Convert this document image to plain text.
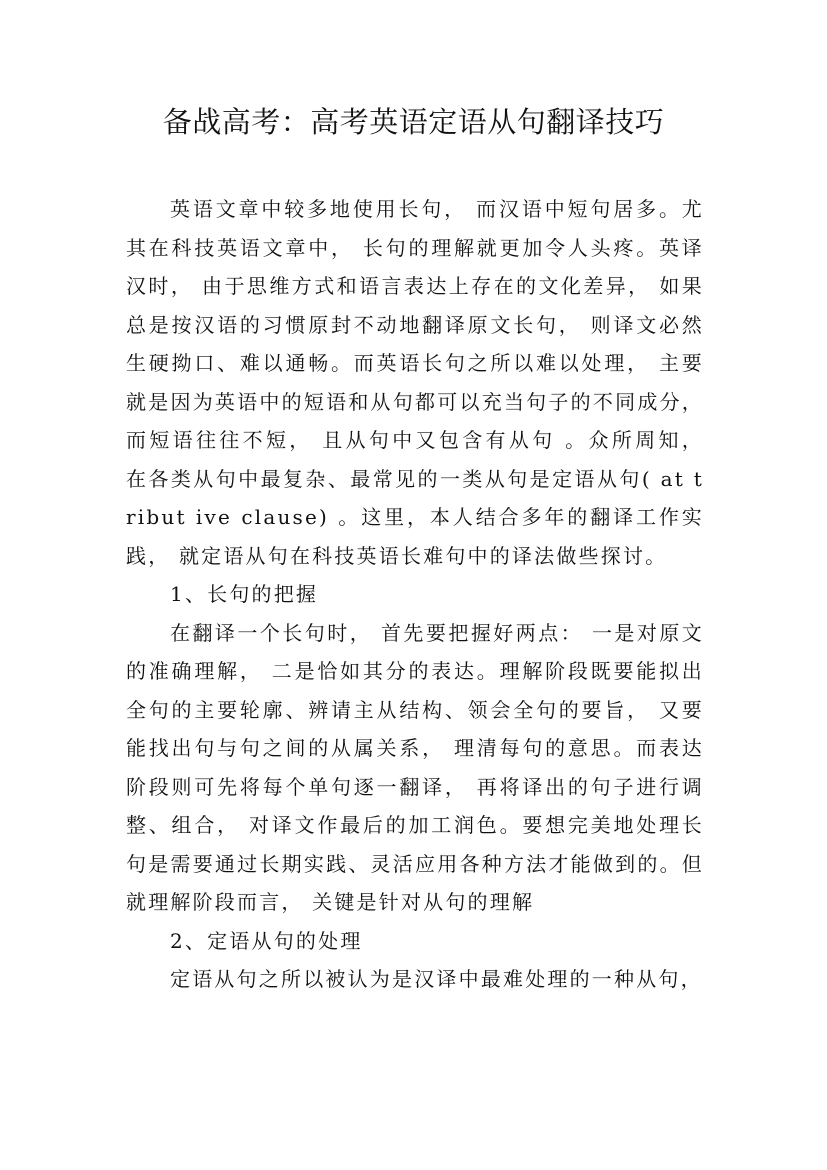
备战高考：高考英语定语从句翻译技巧

英语文章中较多地使用长句， 而汉语中短句居多。尤其在科技英语文章中， 长句的理解就更加令人头疼。英译汉时， 由于思维方式和语言表达上存在的文化差异， 如果总是按汉语的习惯原封不动地翻译原文长句， 则译文必然生硬拗口、难以通畅。而英语长句之所以难以处理， 主要就是因为英语中的短语和从句都可以充当句子的不同成分， 而短语往往不短， 且从句中又包含有从句 。众所周知， 在各类从句中最复杂、最常见的一类从句是定语从句( at t ribut ive clause) 。这里，本人结合多年的翻译工作实践， 就定语从句在科技英语长难句中的译法做些探讨。

1、长句的把握

在翻译一个长句时， 首先要把握好两点： 一是对原文的准确理解， 二是恰如其分的表达。理解阶段既要能拟出全句的主要轮廓、辨请主从结构、领会全句的要旨， 又要能找出句与句之间的从属关系， 理清每句的意思。而表达阶段则可先将每个单句逐一翻译， 再将译出的句子进行调整、组合， 对译文作最后的加工润色。要想完美地处理长句是需要通过长期实践、灵活应用各种方法才能做到的。但就理解阶段而言， 关键是针对从句的理解

2、定语从句的处理

定语从句之所以被认为是汉译中最难处理的一种从句，
